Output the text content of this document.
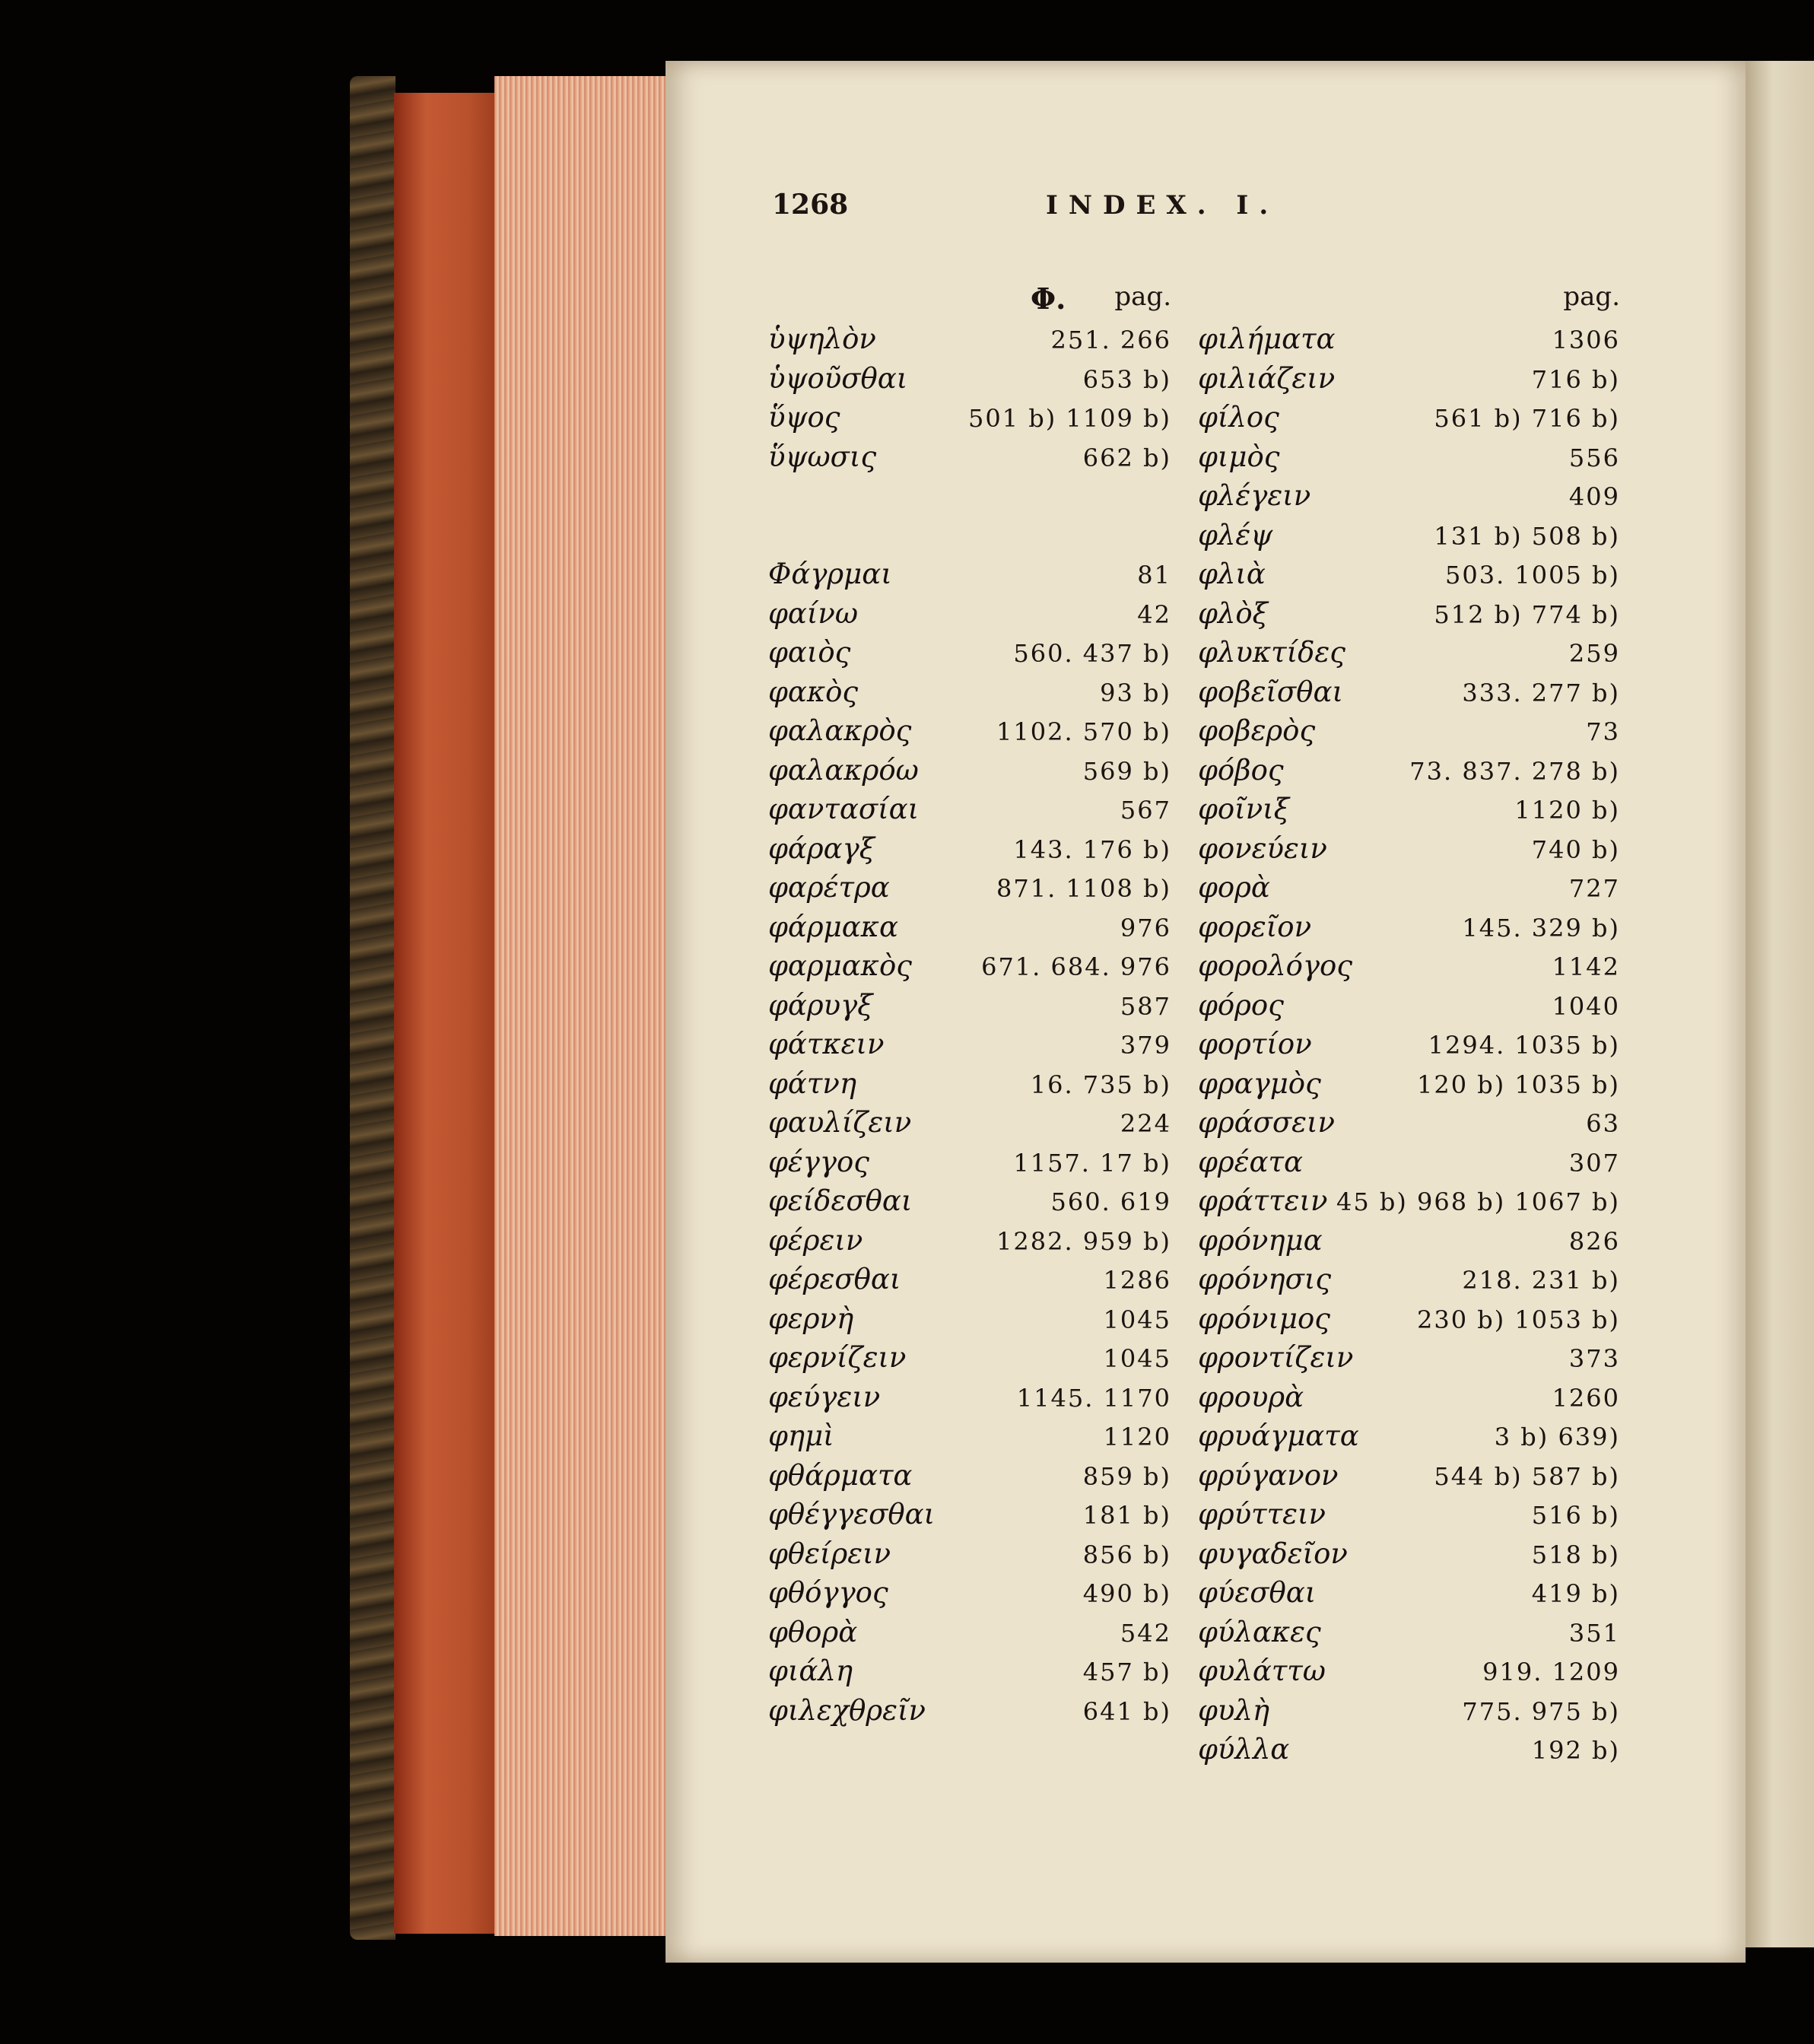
1268	INDEX. I.
pag.
ὑψηλὸν	251. 266
ὑψοῦσθαι	653 b)
ὕψος	501 b) 1109 b)
ὕψωσις	662 b)
Φάγρμαι	81
φαίνω	42
φαιὸς	560. 437 b)
φακὸς	93 b)
φαλακρὸς	1102. 570 b)
φαλακρόω	569 b)
φαντασίαι	567
φάραγξ	143. 176 b)
φαρέτρα	871. 1108 b)
φάρμακα	976
φαρμακὸς	671. 684. 976
φάρυγξ	587
φάτκειν	379
φάτνη	16. 735 b)
φαυλίζειν	224
φέγγος	1157. 17 b)
φείδεσθαι	560. 619
φέρειν	1282. 959 b)
φέρεσθαι	1286
φερνὴ	1045
φερνίζειν	1045
φεύγειν	1145. 1170
φημὶ	1120
φθάρματα	859 b)
φθέγγεσθαι	181 b)
φθείρειν	856 b)
φθόγγος	490 b)
φθορὰ	542
φιάλη	457 b)
φιλεχθρεῖν	641 b)
Φ.	pag.
φιλήματα	1306
φιλιάζειν	716 b)
φίλος	561 b) 716 b)
φιμὸς	556
φλέγειν	409
φλέψ	131 b) 508 b)
φλιὰ	503. 1005 b)
φλὸξ	512 b) 774 b)
φλυκτίδες	259
φοβεῖσθαι	333. 277 b)
φοβερὸς	73
φόβος	73. 837. 278 b)
φοῖνιξ	1120 b)
φονεύειν	740 b)
φορὰ	727
φορεῖον	145. 329 b)
φορολόγος	1142
φόρος	1040
φορτίον	1294. 1035 b)
φραγμὸς	120 b) 1035 b)
φράσσειν	63
φρέατα	307
φράττειν 45 b) 968 b) 1067 b)
φρόνημα	826
φρόνησις	218. 231 b)
φρόνιμος	230 b) 1053 b)
φροντίζειν	373
φρουρὰ	1260
φρυάγματα	3 b) 639)
φρύγανον	544 b) 587 b)
φρύττειν	516 b)
φυγαδεῖον	518 b)
φύεσθαι	419 b)
φύλακες	351
φυλάττω	919. 1209
φυλὴ	775. 975 b)
φύλλα	192 b)
